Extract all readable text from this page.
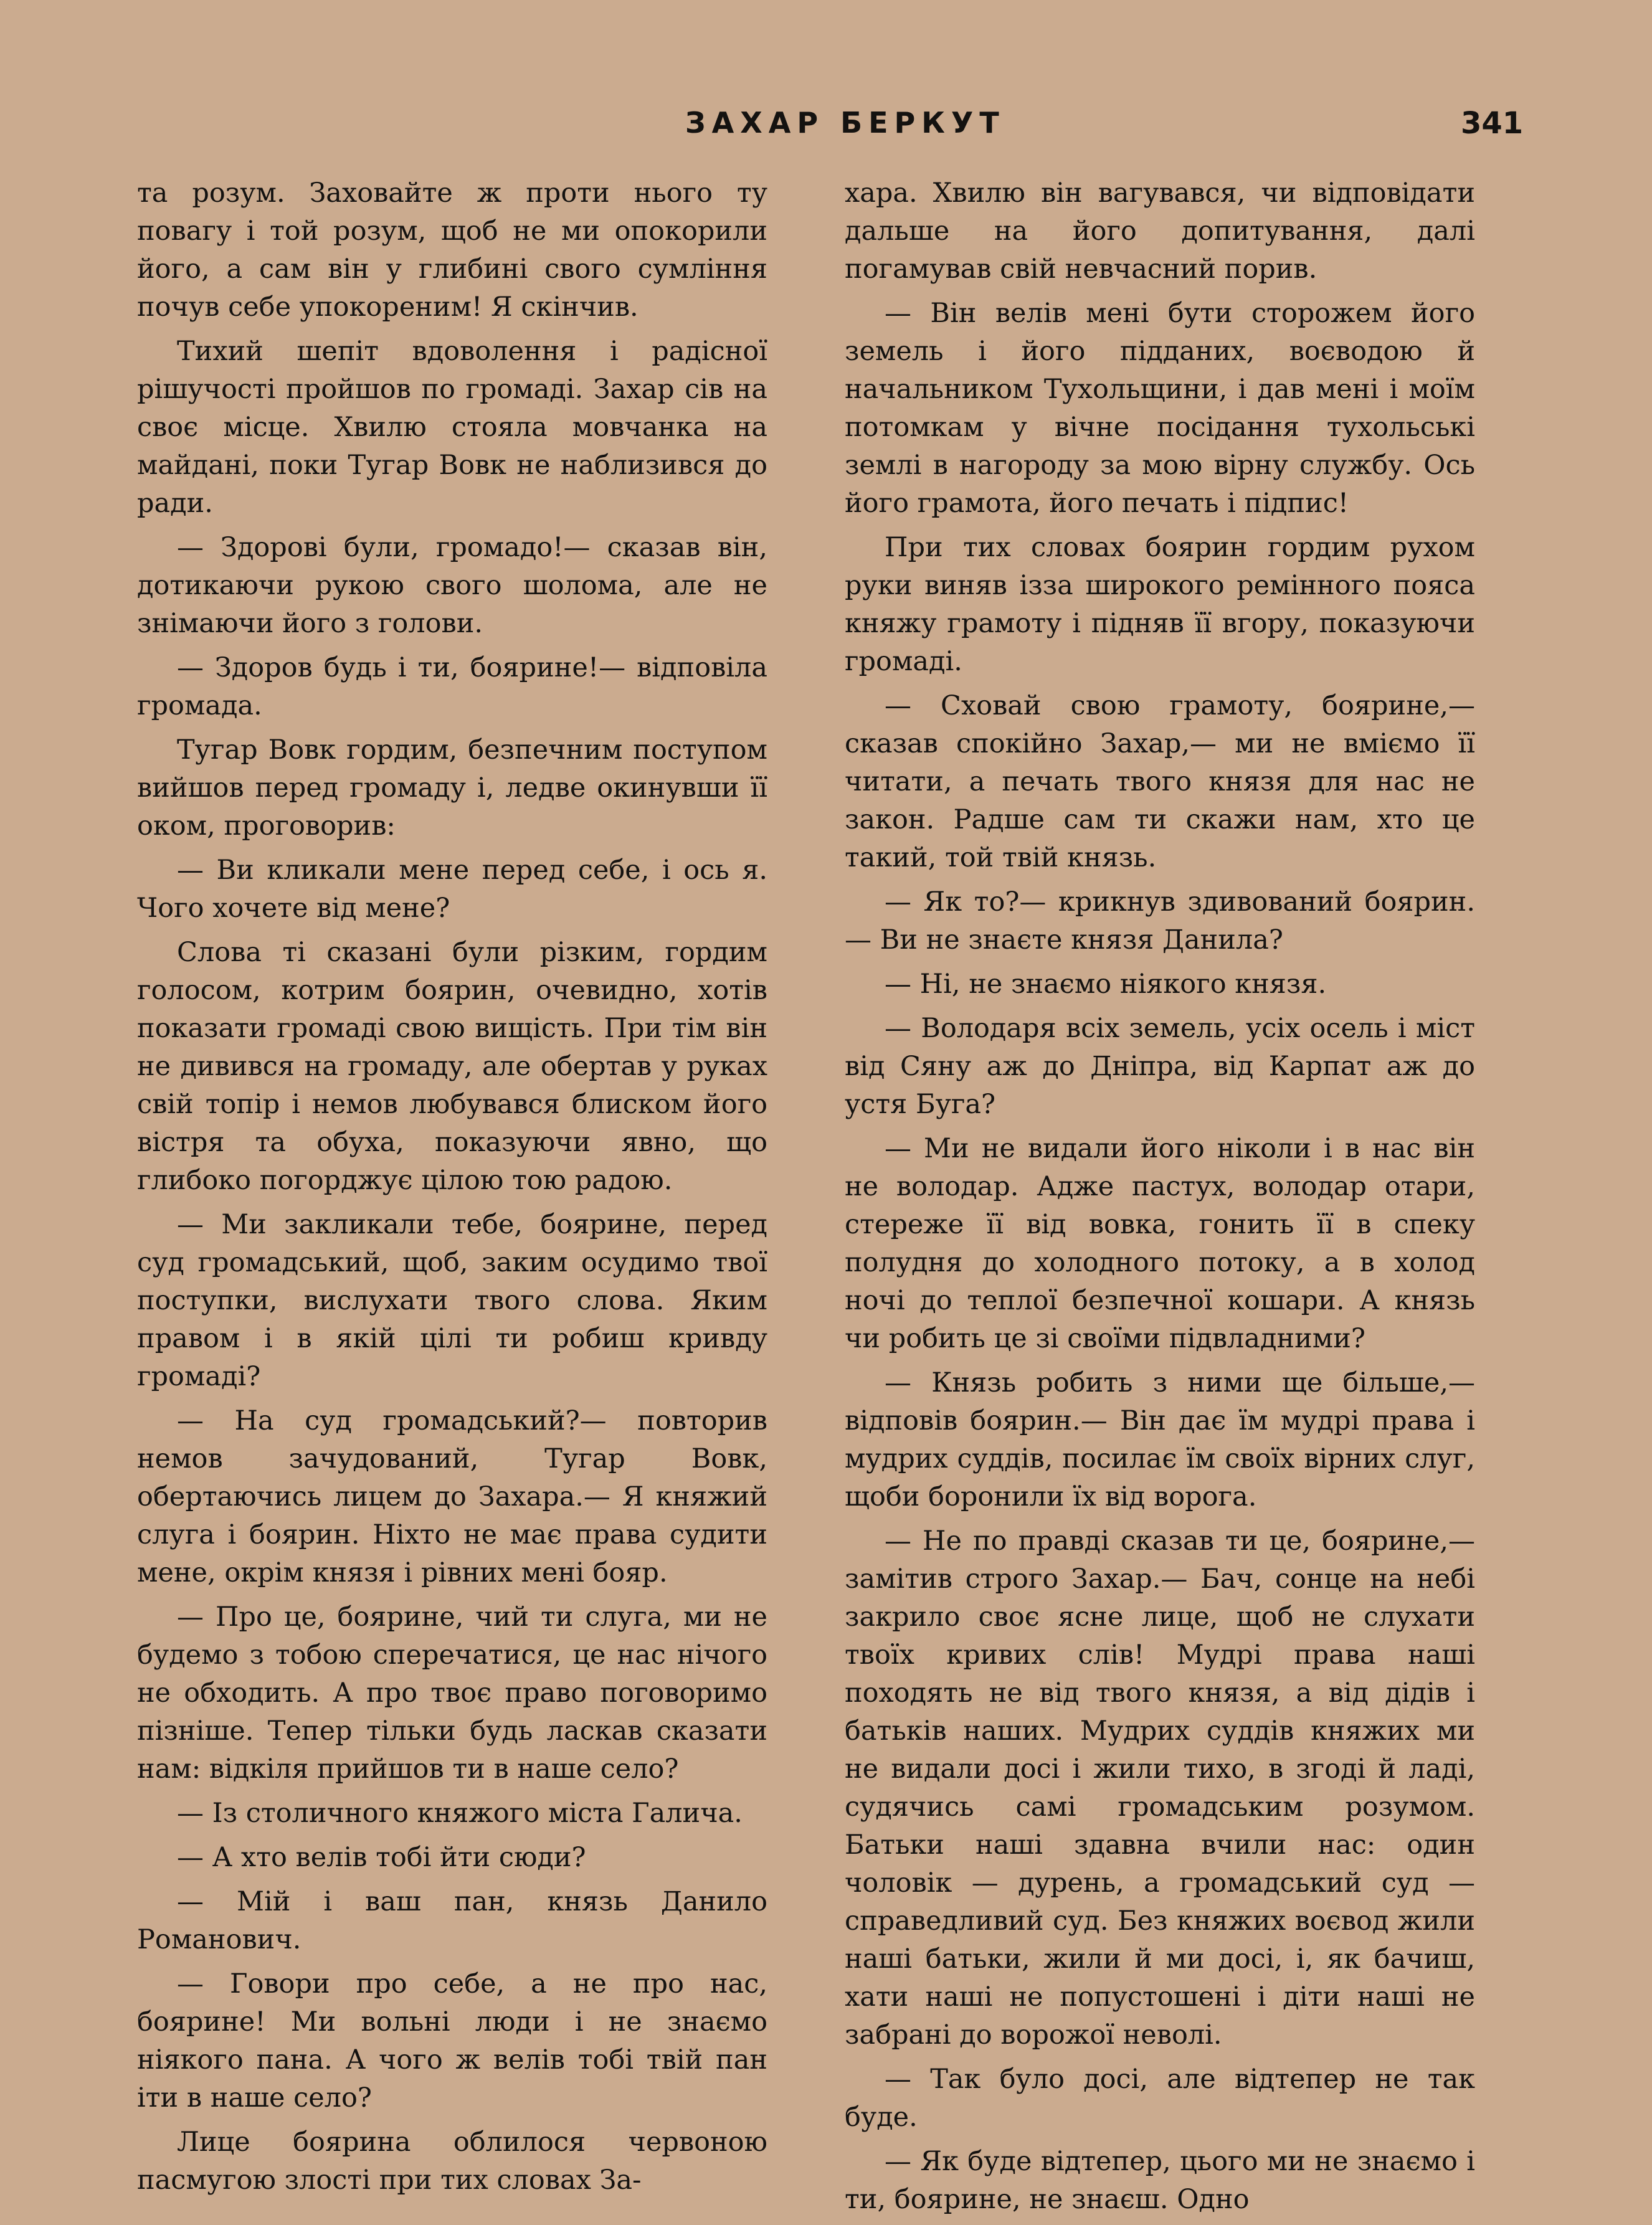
ЗАХАР БЕРКУТ	341

та розум. Заховайте ж проти нього ту повагу і той розум, щоб не ми опокорили його, а сам він у глибині свого сумління почув себе упокореним! Я скінчив.

Тихий шепіт вдоволення і радісної рішучості пройшов по громаді. Захар сів на своє місце. Хвилю стояла мовчанка на майдані, поки Тугар Вовк не наблизився до ради.

— Здорові були, громадо!— сказав він, дотикаючи рукою свого шолома, але не знімаючи його з голови.

— Здоров будь і ти, бояринe!— відповіла громада.

Тугар Вовк гордим, безпечним поступом вийшов перед громаду і, ледве окинувши її оком, проговорив:

— Ви кликали мене перед себе, і ось я. Чого хочете від мене?

Слова ті сказані були різким, гордим голосом, котрим боярин, очевидно, хотів показати громаді свою вищість. При тім він не дивився на громаду, але обертав у руках свій топір і немов любувався блиском його вістря та обуха, показуючи явно, що глибоко погорджує цілою тою радою.

— Ми закликали тебе, бояринe, перед суд громадський, щоб, заким осудимо твої поступки, вислухати твого слова. Яким правом і в якій цілі ти робиш кривду громаді?

— На суд громадський?— повторив немов зачудований, Тугар Вовк, обертаючись лицем до Захара.— Я княжий слуга і боярин. Ніхто не має права судити мене, окрім князя і рівних мені бояр.

— Про це, бояринe, чий ти слуга, ми не будемо з тобою сперечатися, це нас нічого не обходить. А про твоє право поговоримо пізніше. Тепер тільки будь ласкав сказати нам: відкіля прийшов ти в наше село?

— Із столичного княжого міста Галича.

— А хто велів тобі йти сюди?

— Мій і ваш пан, князь Данило Романович.

— Говори про себе, а не про нас, бояринe! Ми вольні люди і не знаємо ніякого пана. А чого ж велів тобі твій пан іти в наше село?

Лице боярина облилося червоною пасмугою злості при тих словах За-

хара. Хвилю він вагувався, чи відповідати дальше на його допитування, далі погамував свій невчасний порив.

— Він велів мені бути сторожем його земель і його підданих, воєводою й начальником Тухольщини, і дав мені і моїм потомкам у вічне посідання тухольські землі в нагороду за мою вірну службу. Ось його грамота, його печать і підпис!

При тих словах боярин гордим рухом руки виняв ізза широкого ремінного пояса княжу грамоту і підняв її вгору, показуючи громаді.

— Сховай свою грамоту, бояринe,— сказав спокійно Захар,— ми не вміємо її читати, а печать твого князя для нас не закон. Радше сам ти скажи нам, хто це такий, той твій князь.

— Як то?— крикнув здивований боярин.— Ви не знаєте князя Данила?

— Ні, не знаємо ніякого князя.

— Володаря всіх земель, усіх осель і міст від Сяну аж до Дніпра, від Карпат аж до устя Буга?

— Ми не видали його ніколи і в нас він не володар. Адже пастух, володар отари, стереже її від вовка, гонить її в спеку полудня до холодного потоку, а в холод ночі до теплої безпечної кошари. А князь чи робить це зі своїми підвладними?

— Князь робить з ними ще більше,— відповів боярин.— Він дає їм мудрі права і мудрих суддів, посилає їм своїх вірних слуг, щоби боронили їх від ворога.

— Не по правді сказав ти це, бояринe,— замітив строго Захар.— Бач, сонце на небі закрило своє ясне лице, щоб не слухати твоїх кривих слів! Мудрі права наші походять не від твого князя, а від дідів і батьків наших. Мудрих суддів княжих ми не видали досі і жили тихо, в згоді й ладі, судячись самі громадським розумом. Батьки наші здавна вчили нас: один чоловік — дурень, а громадський суд — справедливий суд. Без княжих воєвод жили наші батьки, жили й ми досі, і, як бачиш, хати наші не попустошені і діти наші не забрані до ворожої неволі.

— Так було досі, але відтепер не так буде.

— Як буде відтепер, цього ми не знаємо і ти, бояринe, не знаєш. Одно
